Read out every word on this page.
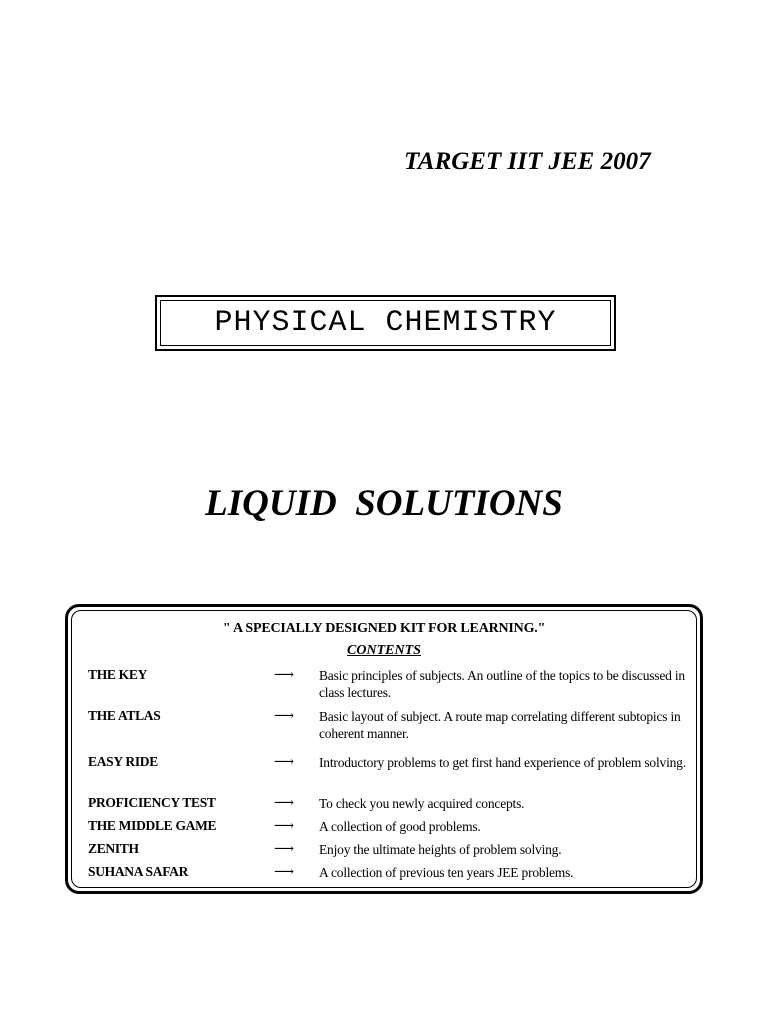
TARGET IIT JEE 2007
PHYSICAL CHEMISTRY
LIQUID  SOLUTIONS
" A SPECIALLY DESIGNED KIT FOR LEARNING."
CONTENTS
THE KEY	⟶ Basic principles of subjects. An outline of the topics to be discussed in class lectures.
THE ATLAS	⟶ Basic layout of subject. A route map correlating different subtopics in coherent manner.
EASY RIDE	⟶ Introductory problems to get first hand experience of problem solving.
PROFICIENCY TEST	⟶ To check you newly acquired concepts.
THE MIDDLE GAME	⟶ A collection of good problems.
ZENITH	⟶ Enjoy the ultimate heights of problem solving.
SUHANA SAFAR	⟶ A collection of previous ten years JEE problems.
